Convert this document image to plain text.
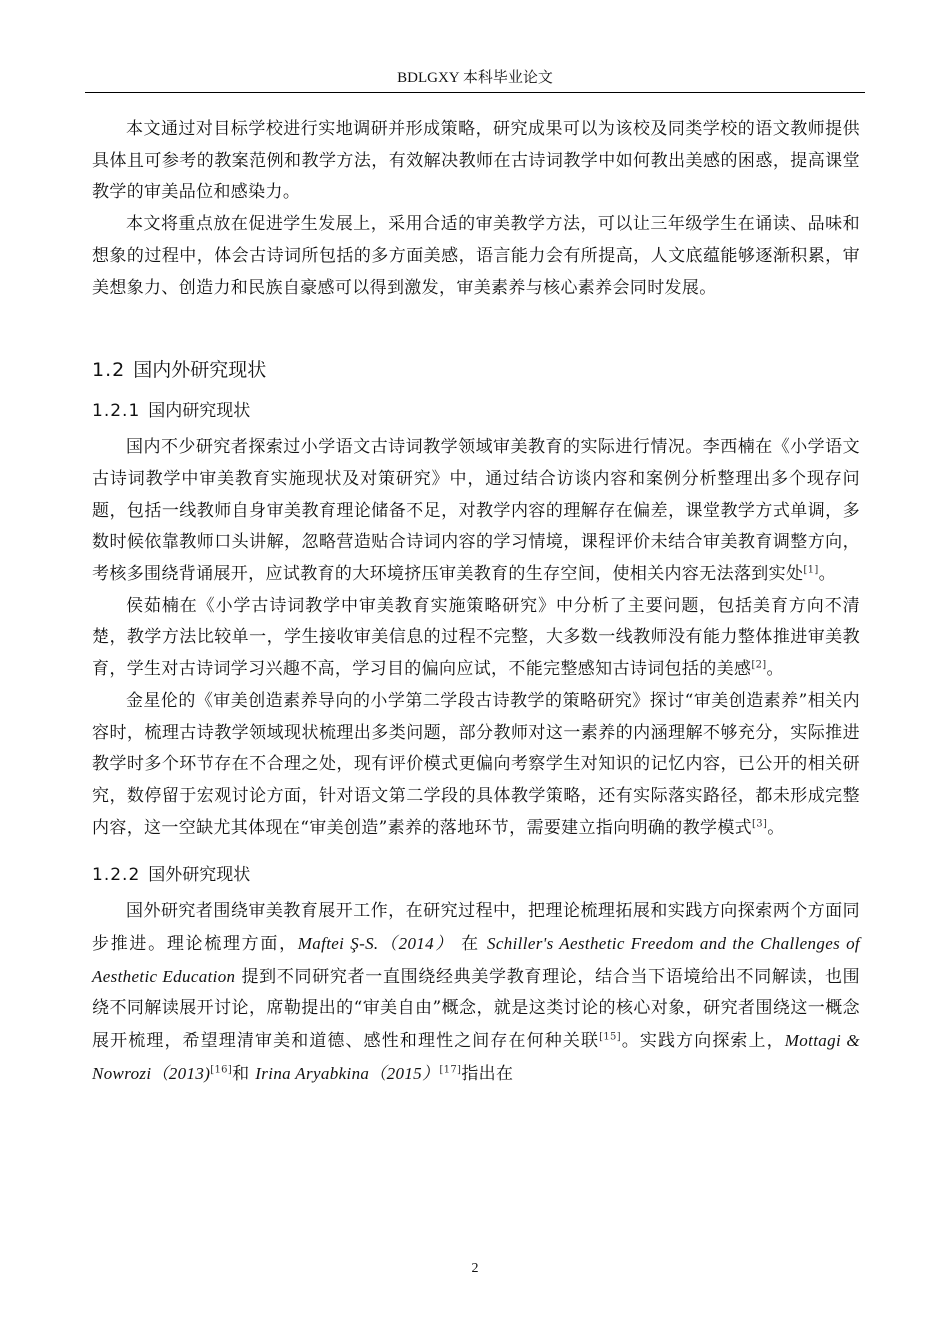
BDLGXY 本科毕业论文

本文通过对目标学校进行实地调研并形成策略，研究成果可以为该校及同类学校的语文教师提供具体且可参考的教案范例和教学方法，有效解决教师在古诗词教学中如何教出美感的困惑，提高课堂教学的审美品位和感染力。

本文将重点放在促进学生发展上，采用合适的审美教学方法，可以让三年级学生在诵读、品味和想象的过程中，体会古诗词所包括的多方面美感，语言能力会有所提高，人文底蕴能够逐渐积累，审美想象力、创造力和民族自豪感可以得到激发，审美素养与核心素养会同时发展。

1.2 国内外研究现状
1.2.1 国内研究现状

国内不少研究者探索过小学语文古诗词教学领域审美教育的实际进行情况。李西楠在《小学语文古诗词教学中审美教育实施现状及对策研究》中，通过结合访谈内容和案例分析整理出多个现存问题，包括一线教师自身审美教育理论储备不足，对教学内容的理解存在偏差，课堂教学方式单调，多数时候依靠教师口头讲解，忽略营造贴合诗词内容的学习情境，课程评价未结合审美教育调整方向，考核多围绕背诵展开，应试教育的大环境挤压审美教育的生存空间，使相关内容无法落到实处[1]。

侯茹楠在《小学古诗词教学中审美教育实施策略研究》中分析了主要问题，包括美育方向不清楚，教学方法比较单一，学生接收审美信息的过程不完整，大多数一线教师没有能力整体推进审美教育，学生对古诗词学习兴趣不高，学习目的偏向应试，不能完整感知古诗词包括的美感[2]。

金星伦的《审美创造素养导向的小学第二学段古诗教学的策略研究》探讨“审美创造素养”相关内容时，梳理古诗教学领域现状梳理出多类问题，部分教师对这一素养的内涵理解不够充分，实际推进教学时多个环节存在不合理之处，现有评价模式更偏向考察学生对知识的记忆内容，已公开的相关研究，数停留于宏观讨论方面，针对语文第二学段的具体教学策略，还有实际落实路径，都未形成完整内容，这一空缺尤其体现在“审美创造”素养的落地环节，需要建立指向明确的教学模式[3]。

1.2.2 国外研究现状

国外研究者围绕审美教育展开工作，在研究过程中，把理论梳理拓展和实践方向探索两个方面同步推进。理论梳理方面，Maftei Ş-S.（2014） 在 Schiller's Aesthetic Freedom and the Challenges of Aesthetic Education 提到不同研究者一直围绕经典美学教育理论，结合当下语境给出不同解读，也围绕不同解读展开讨论，席勒提出的“审美自由”概念，就是这类讨论的核心对象，研究者围绕这一概念展开梳理，希望理清审美和道德、感性和理性之间存在何种关联[15]。实践方向探索上，Mottagi & Nowrozi（2013)[16]和 Irina Aryabkina（2015）[17]指出在

2
